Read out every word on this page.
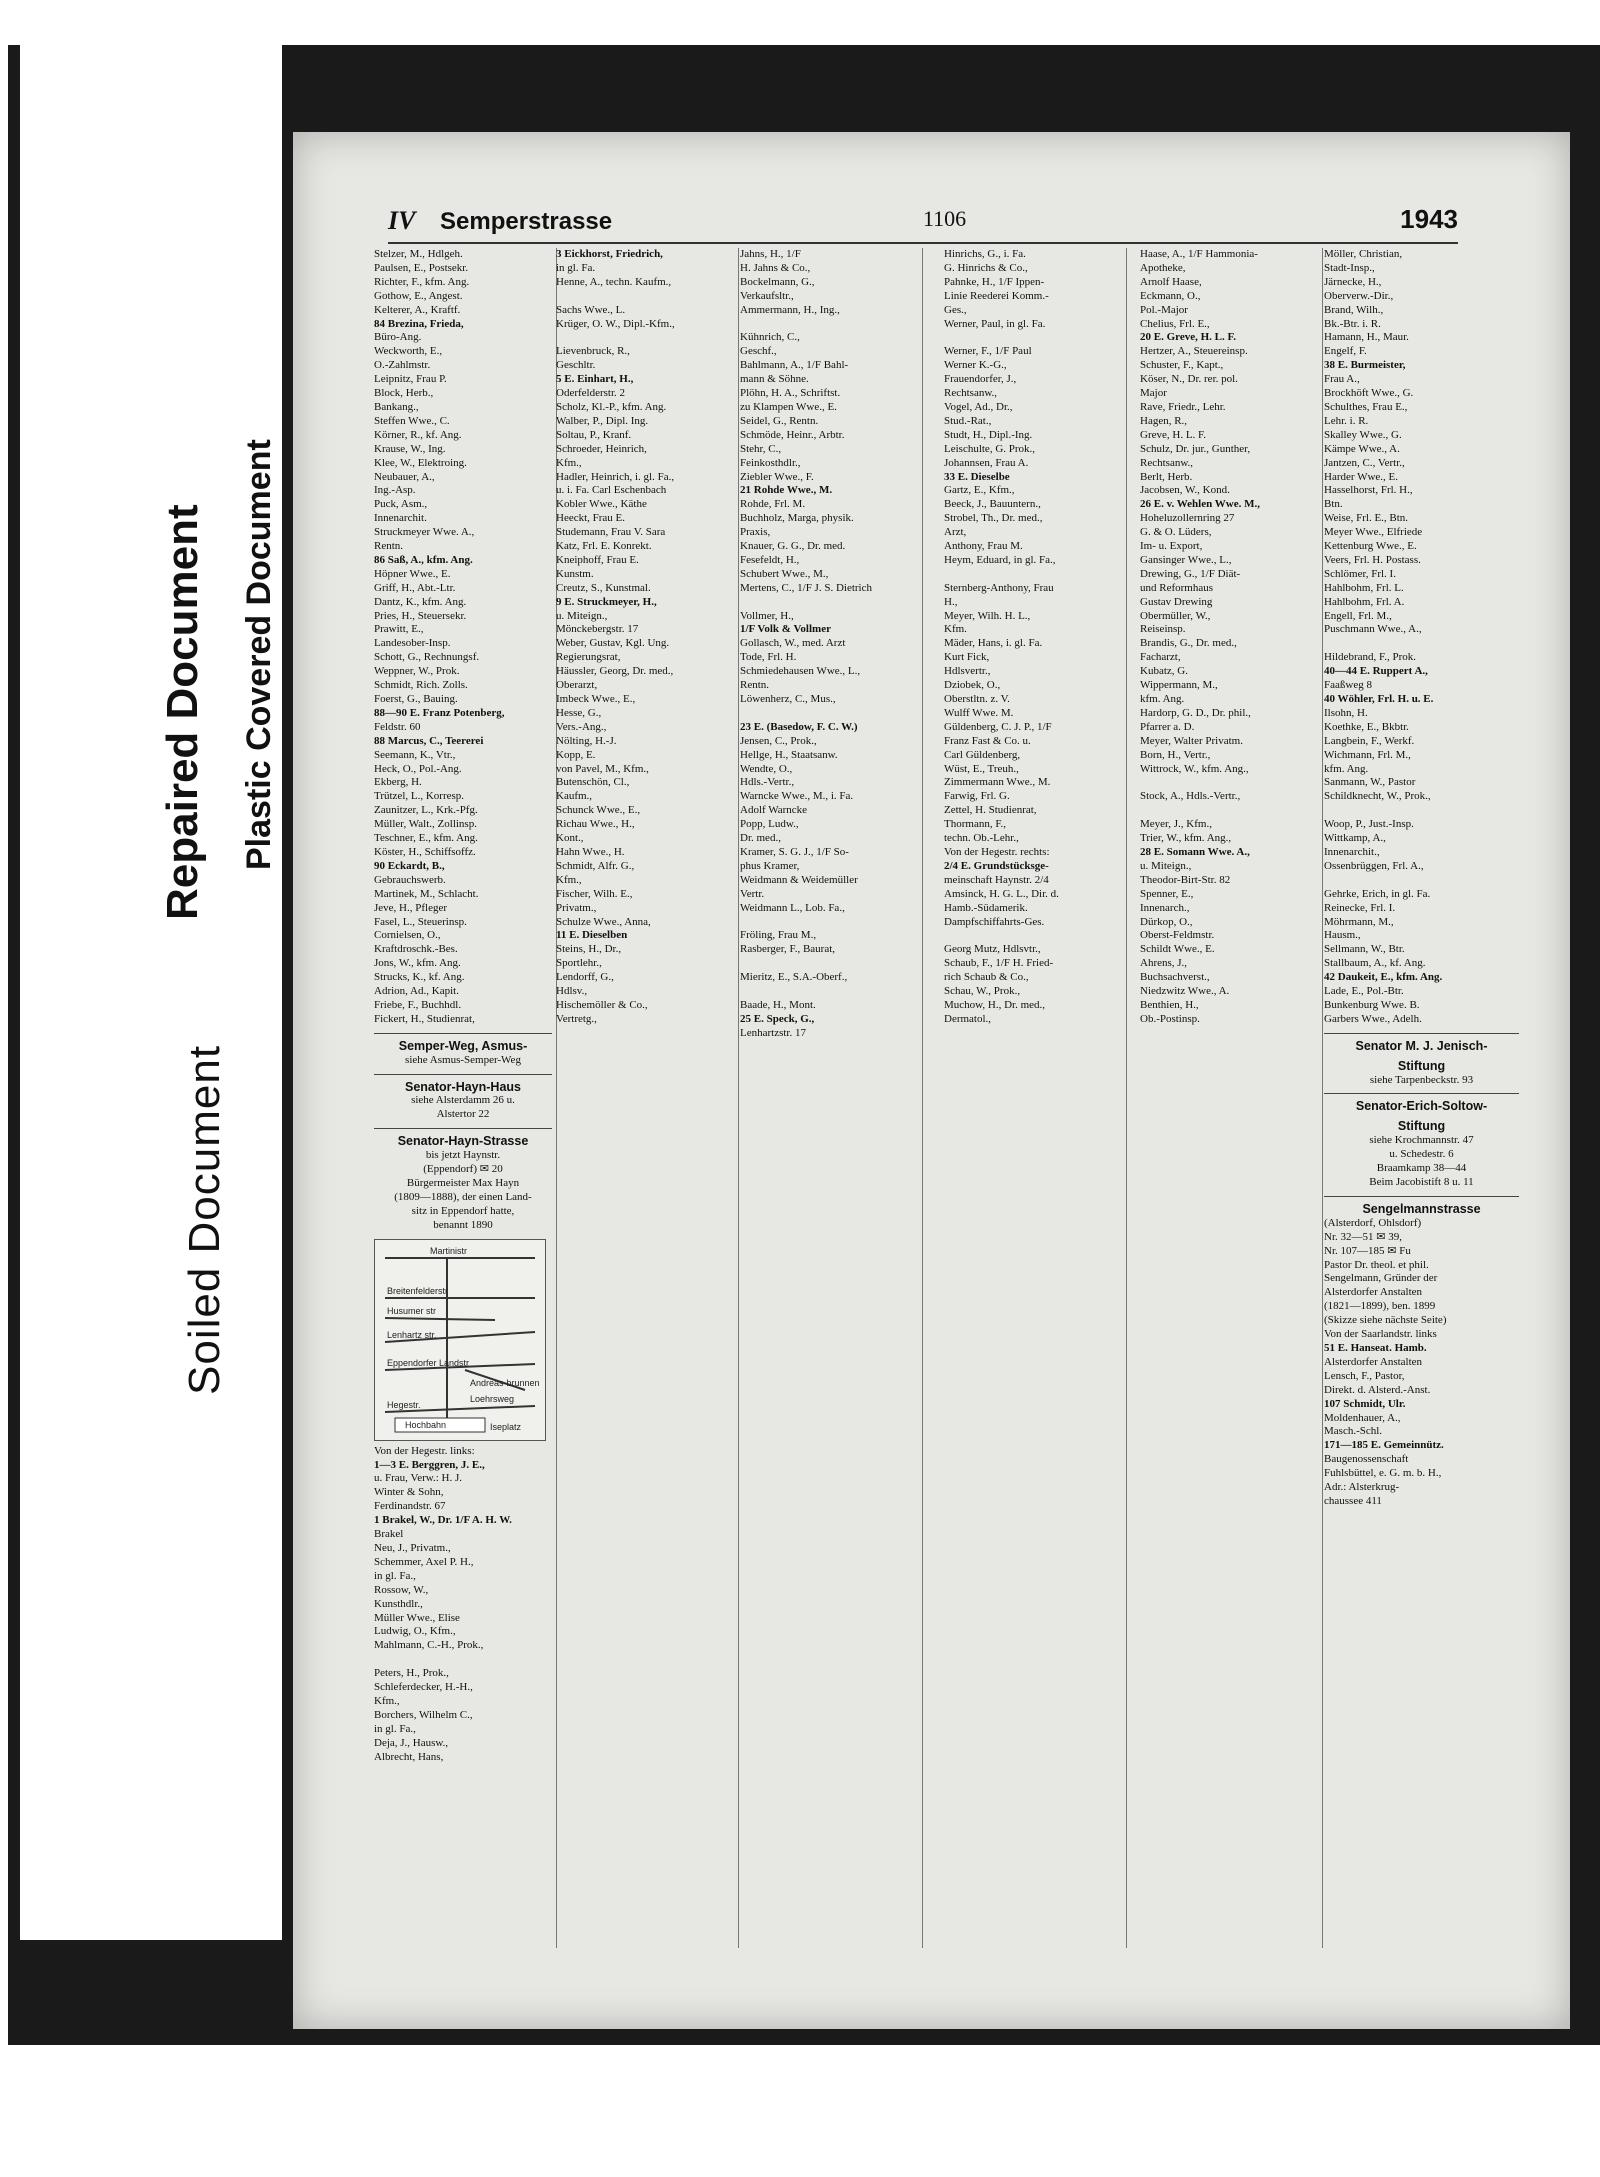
Repaired Document Plastic Covered Document
Soiled Document
IV Semperstrasse	1106	1943
Stelzer, M., Hdlgeh.
Paulsen, E., Postsekr.
Richter, F., kfm. Ang.
Gothow, E., Angest.
Kelterer, A., Kraftf.
84 Brezina, Frieda,
Büro-Ang.
Weckworth, E.,
O.-Zahlmstr.
Leipnitz, Frau P.
Block, Herb.,
Bankang.,
Steffen Wwe., C.
Körner, R., kf. Ang.
Krause, W., Ing.
Klee, W., Elektroing.
Neubauer, A.,
Ing.-Asp.
Puck, Asm.,
Innenarchit.
Struckmeyer Wwe. A.,
Rentn.
86 Saß, A., kfm. Ang.
Höpner Wwe., E.
Griff, H., Abt.-Ltr.
Dantz, K., kfm. Ang.
Pries, H., Steuersekr.
Prawitt, E.,
Landesober-Insp.
Schott, G., Rechnungsf.
Weppner, W., Prok.
Schmidt, Rich. Zolls.
Foerst, G., Bauing.
88—90 E. Franz Potenberg,
Feldstr. 60
88 Marcus, C., Teererei
Seemann, K., Vtr.,
Heck, O., Pol.-Ang.
Ekberg, H.
Trützel, L., Korresp.
Zaunitzer, L., Krk.-Pfg.
Müller, Walt., Zollinsp.
Teschner, E., kfm. Ang.
Köster, H., Schiffsoffz.
90 Eckardt, B.,
Gebrauchswerb.
Martinek, M., Schlacht.
Jeve, H., Pfleger
Fasel, L., Steuerinsp.
Cornielsen, O.,
Kraftdroschk.-Bes.
Jons, W., kfm. Ang.
Strucks, K., kf. Ang.
Adrion, Ad., Kapit.
Friebe, F., Buchhdl.
Fickert, H., Studienrat,
Semper-Weg, Asmus-
siehe Asmus-Semper-Weg
Senator-Hayn-Haus
siehe Alsterdamm 26 u.
Alstertor 22
Senator-Hayn-Strasse
bis jetzt Haynstr.
(Eppendorf) ✉ 20
Bürgermeister Max Hayn
(1809—1888), der einen Land-
sitz in Eppendorf hatte,
benannt 1890
Martinistr
Breitenfelderstr
Husumer str
Lenhartz str.
Eppendorfer Landstr
Andreas-brunnen
Hegestr.
Loehrsweg
Hochbahn	Iseplatz
Von der Hegestr. links:
1—3 E. Berggren, J. E.,
u. Frau, Verw.: H. J.
Winter & Sohn,
Ferdinandstr. 67
1 Brakel, W., Dr. 1/F A. H. W.
Brakel
Neu, J., Privatm.,
Schemmer, Axel P. H.,
in gl. Fa.,
Rossow, W.,
Kunsthdlr.,
Müller Wwe., Elise
Ludwig, O., Kfm.,
Mahlmann, C.-H., Prok.,

Peters, H., Prok.,
Schleferdecker, H.-H.,
Kfm.,
Borchers, Wilhelm C.,
in gl. Fa.,
Deja, J., Hausw.,
Albrecht, Hans,
3 Eickhorst, Friedrich,
in gl. Fa.
Henne, A., techn. Kaufm.,

Sachs Wwe., L.
Krüger, O. W., Dipl.-Kfm.,

Lievenbruck, R.,
Geschltr.
5 E. Einhart, H.,
Oderfelderstr. 2
Scholz, Kl.-P., kfm. Ang.
Walber, P., Dipl. Ing.
Soltau, P., Kranf.
Schroeder, Heinrich,
Kfm.,
Hadler, Heinrich, i. gl. Fa.,
u. i. Fa. Carl Eschenbach
Kobler Wwe., Käthe
Heeckt, Frau E.
Studemann, Frau V. Sara
Katz, Frl. E. Konrekt.
Kneiphoff, Frau E.
Kunstm.
Creutz, S., Kunstmal.
9 E. Struckmeyer, H.,
u. Miteign.,
Mönckebergstr. 17
Weber, Gustav, Kgl. Ung.
Regierungsrat,
Häussler, Georg, Dr. med.,
Oberarzt,
Imbeck Wwe., E.,
Hesse, G.,
Vers.-Ang.,
Nölting, H.-J.
Kopp, E.
von Pavel, M., Kfm.,
Butenschön, Cl.,
Kaufm.,
Schunck Wwe., E.,
Richau Wwe., H.,
Kont.,
Hahn Wwe., H.
Schmidt, Alfr. G.,
Kfm.,
Fischer, Wilh. E.,
Privatm.,
Schulze Wwe., Anna,
11 E. Dieselben
Steins, H., Dr.,
Sportlehr.,
Lendorff, G.,
Hdlsv.,
Hischemöller & Co.,
Vertretg.,
Jahns, H., 1/F
H. Jahns & Co.,
Bockelmann, G.,
Verkaufsltr.,
Ammermann, H., Ing.,

Kühnrich, C.,
Geschf.,
Bahlmann, A., 1/F Bahl-
mann & Söhne.
Plöhn, H. A., Schriftst.
zu Klampen Wwe., E.
Seidel, G., Rentn.
Schmöde, Heinr., Arbtr.
Stehr, C.,
Feinkosthdlr.,
Ziebler Wwe., F.
21 Rohde Wwe., M.
Rohde, Frl. M.
Buchholz, Marga, physik.
Praxis,
Knauer, G. G., Dr. med.
Fesefeldt, H.,
Schubert Wwe., M.,
Mertens, C., 1/F J. S. Dietrich

Vollmer, H.,
1/F Volk & Vollmer
Gollasch, W., med. Arzt
Tode, Frl. H.
Schmiedehausen Wwe., L.,
Rentn.
Löwenherz, C., Mus.,

23 E. (Basedow, F. C. W.)
Jensen, C., Prok.,
Hellge, H., Staatsanw.
Wendte, O.,
Hdls.-Vertr.,
Warncke Wwe., M., i. Fa.
Adolf Warncke
Popp, Ludw.,
Dr. med.,
Kramer, S. G. J., 1/F So-
phus Kramer,
Weidmann & Weidemüller
Vertr.
Weidmann L., Lob. Fa.,

Fröling, Frau M.,
Rasberger, F., Baurat,

Mieritz, E., S.A.-Oberf.,

Baade, H., Mont.
25 E. Speck, G.,
Lenhartzstr. 17
Hinrichs, G., i. Fa.
G. Hinrichs & Co.,
Pahnke, H., 1/F Ippen-
Linie Reederei Komm.-
Ges.,
Werner, Paul, in gl. Fa.

Werner, F., 1/F Paul
Werner K.-G.,
Frauendorfer, J.,
Rechtsanw.,
Vogel, Ad., Dr.,
Stud.-Rat.,
Studt, H., Dipl.-Ing.
Leischulte, G. Prok.,
Johannsen, Frau A.
33 E. Dieselbe
Gartz, E., Kfm.,
Beeck, J., Bauuntern.,
Strobel, Th., Dr. med.,
Arzt,
Anthony, Frau M.
Heym, Eduard, in gl. Fa.,

Sternberg-Anthony, Frau
H.,
Meyer, Wilh. H. L.,
Kfm.
Mäder, Hans, i. gl. Fa.
Kurt Fick,
Hdlsvertr.,
Dziobek, O.,
Oberstltn. z. V.
Wulff Wwe. M.
Güldenberg, C. J. P., 1/F
Franz Fast & Co. u.
Carl Güldenberg,
Wüst, E., Treuh.,
Zimmermann Wwe., M.
Farwig, Frl. G.
Zettel, H. Studienrat,
Thormann, F.,
techn. Ob.-Lehr.,
Von der Hegestr. rechts:
2/4 E. Grundstücksge-
meinschaft Haynstr. 2/4
Amsinck, H. G. L., Dir. d.
Hamb.-Südamerik.
Dampfschiffahrts-Ges.

Georg Mutz, Hdlsvtr.,
Schaub, F., 1/F H. Fried-
rich Schaub & Co.,
Schau, W., Prok.,
Muchow, H., Dr. med.,
Dermatol.,
Haase, A., 1/F Hammonia-
Apotheke,
Arnolf Haase,
Eckmann, O.,
Pol.-Major
Chelius, Frl. E.,
20 E. Greve, H. L. F.
Hertzer, A., Steuereinsp.
Schuster, F., Kapt.,
Köser, N., Dr. rer. pol.
Major
Rave, Friedr., Lehr.
Hagen, R.,
Greve, H. L. F.
Schulz, Dr. jur., Gunther,
Rechtsanw.,
Berlt, Herb.
Jacobsen, W., Kond.
26 E. v. Wehlen Wwe. M.,
Hoheluzollernring 27
G. & O. Lüders,
Im- u. Export,
Gansinger Wwe., L.,
Drewing, G., 1/F Diät-
und Reformhaus
Gustav Drewing
Obermüller, W.,
Reiseinsp.
Brandis, G., Dr. med.,
Facharzt,
Kubatz, G.
Wippermann, M.,
kfm. Ang.
Hardorp, G. D., Dr. phil.,
Pfarrer a. D.
Meyer, Walter Privatm.
Born, H., Vertr.,
Wittrock, W., kfm. Ang.,

Stock, A., Hdls.-Vertr.,

Meyer, J., Kfm.,
Trier, W., kfm. Ang.,
28 E. Somann Wwe. A.,
u. Miteign.,
Theodor-Birt-Str. 82
Spenner, E.,
Innenarch.,
Dürkop, O.,
Oberst-Feldmstr.
Schildt Wwe., E.
Ahrens, J.,
Buchsachverst.,
Niedzwitz Wwe., A.
Benthien, H.,
Ob.-Postinsp.
Möller, Christian,
Stadt-Insp.,
Järnecke, H.,
Oberverw.-Dir.,
Brand, Wilh.,
Bk.-Btr. i. R.
Hamann, H., Maur.
Engelf, F.
38 E. Burmeister,
Frau A.,
Brockhöft Wwe., G.
Schulthes, Frau E.,
Lehr. i. R.
Skalley Wwe., G.
Kämpe Wwe., A.
Jantzen, C., Vertr.,
Harder Wwe., E.
Hasselhorst, Frl. H.,
Btn.
Weise, Frl. E., Btn.
Meyer Wwe., Elfriede
Kettenburg Wwe., E.
Veers, Frl. H. Postass.
Schlömer, Frl. I.
Hahlbohm, Frl. L.
Hahlbohm, Frl. A.
Engell, Frl. M.,
Puschmann Wwe., A.,

Hildebrand, F., Prok.
40—44 E. Ruppert A.,
Faaßweg 8
40 Wöhler, Frl. H. u. E.
Ilsohn, H.
Koethke, E., Bkbtr.
Langbein, F., Werkf.
Wichmann, Frl. M.,
kfm. Ang.
Sanmann, W., Pastor
Schildknecht, W., Prok.,

Woop, P., Just.-Insp.
Wittkamp, A.,
Innenarchit.,
Ossenbrüggen, Frl. A.,

Gehrke, Erich, in gl. Fa.
Reinecke, Frl. I.
Möhrmann, M.,
Hausm.,
Sellmann, W., Btr.
Stallbaum, A., kf. Ang.
42 Daukeit, E., kfm. Ang.
Lade, E., Pol.-Btr.
Bunkenburg Wwe. B.
Garbers Wwe., Adelh.
Senator M. J. Jenisch-
Stiftung
siehe Tarpenbeckstr. 93
Senator-Erich-Soltow-
Stiftung
siehe Krochmannstr. 47
u. Schedestr. 6
Braamkamp 38—44
Beim Jacobistift 8 u. 11
Sengelmannstrasse
(Alsterdorf, Ohlsdorf)
Nr. 32—51 ✉ 39,
Nr. 107—185 ✉ Fu
Pastor Dr. theol. et phil.
Sengelmann, Gründer der
Alsterdorfer Anstalten
(1821—1899), ben. 1899
(Skizze siehe nächste Seite)
Von der Saarlandstr. links
51 E. Hanseat. Hamb.
Alsterdorfer Anstalten
Lensch, F., Pastor,
Direkt. d. Alsterd.-Anst.
107 Schmidt, Ulr.
Moldenhauer, A.,
Masch.-Schl.
171—185 E. Gemeinnütz.
Baugenossenschaft
Fuhlsbüttel, e. G. m. b. H.,
Adr.: Alsterkrug-
chaussee 411
